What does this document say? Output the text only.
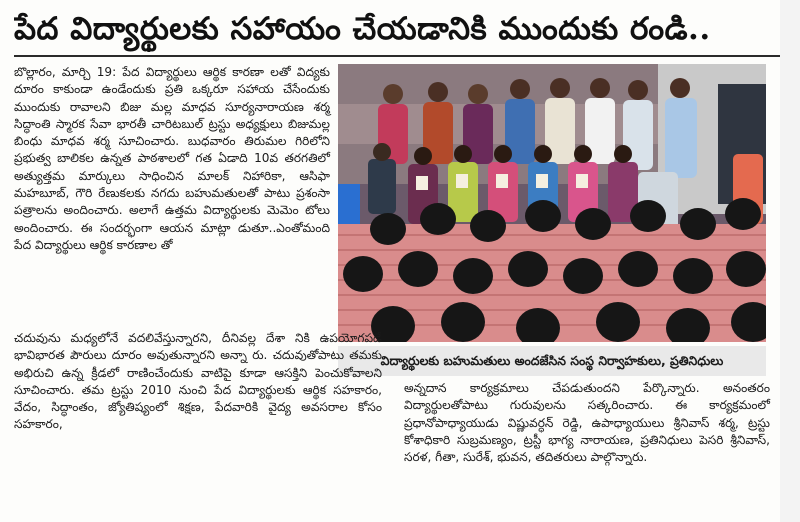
పేద విద్యార్థులకు సహాయం చేయడానికి ముందుకు రండి..

బొల్లారం, మార్చి 19: పేద విద్యార్థులు ఆర్థిక కారణా లతో విద్యకు దూరం కాకుండా ఉండేందుకు ప్రతి ఒక్కరూ సహాయ చేసేందుకు ముందుకు రావాలని బిజు మల్ల మాధవ సూర్యనారాయణ శర్మ సిద్ధాంతి స్మారక సేవా భారతీ చారిటబుల్ ట్రస్టు అధ్యక్షులు బిజుమల్ల బింధు మాధవ శర్మ సూచించారు. బుధవారం తిరుమల గిరిలోని ప్రభుత్వ బాలికల ఉన్నత పాఠశాలలో గత ఏడాది 10వ తరగతిలో అత్యుత్తమ మార్కులు సాధించిన మాలక్ నిహారికా, ఆసిఫా మహబూబ్, గౌరి రేణుకలకు నగదు బహుమతులతో పాటు ప్రశంసా పత్రాలను అందించారు. అలాగే ఉత్తమ విద్యార్థులకు మెమెం టోలు అందించారు. ఈ సందర్భంగా ఆయన మాట్లా డుతూ..ఎంతోమంది పేద విద్యార్థులు ఆర్థిక కారణాల తో

విద్యార్థులకు బహుమతులు అందజేసిన సంస్థ నిర్వాహకులు, ప్రతినిధులు

చదువును మధ్యలోనే వదలివేస్తున్నారని, దీనివల్ల దేశా నికి ఉపయోగపడే భావిభారత పౌరులు దూరం అవుతున్నారని అన్నా రు. చదువుతోపాటు తమకు అభిరుచి ఉన్న క్రీడలో రాణించేందుకు వాటిపై కూడా ఆసక్తిని పెంచుకోవాలని సూచించారు. తమ ట్రస్టు 2010 నుంచి పేద విద్యార్థులకు ఆర్థిక సహకారం, వేదం, సిద్ధాంతం, జ్యోతిష్యంలో శిక్షణ, పేదవారికి వైద్య అవసరాల కోసం సహకారం,

అన్నదాన కార్యక్రమాలు చేపడుతుందని పేర్కొన్నారు. అనంతరం విద్యార్థులతోపాటు గురువులను సత్కరించారు. ఈ కార్యక్రమంలో ప్రధానోపాధ్యాయుడు విష్ణువర్ధన్ రెడ్డి, ఉపాధ్యాయులు శ్రీనివాస్ శర్మ, ట్రస్టు కోశాధికారి సుబ్రమణ్యం, ట్రస్టీ భాగ్య నారాయణ, ప్రతినిధులు పెసరి శ్రీనివాస్, సరళ, గీతా, సురేశ్, భువన, తదితరులు పాల్గొన్నారు.
